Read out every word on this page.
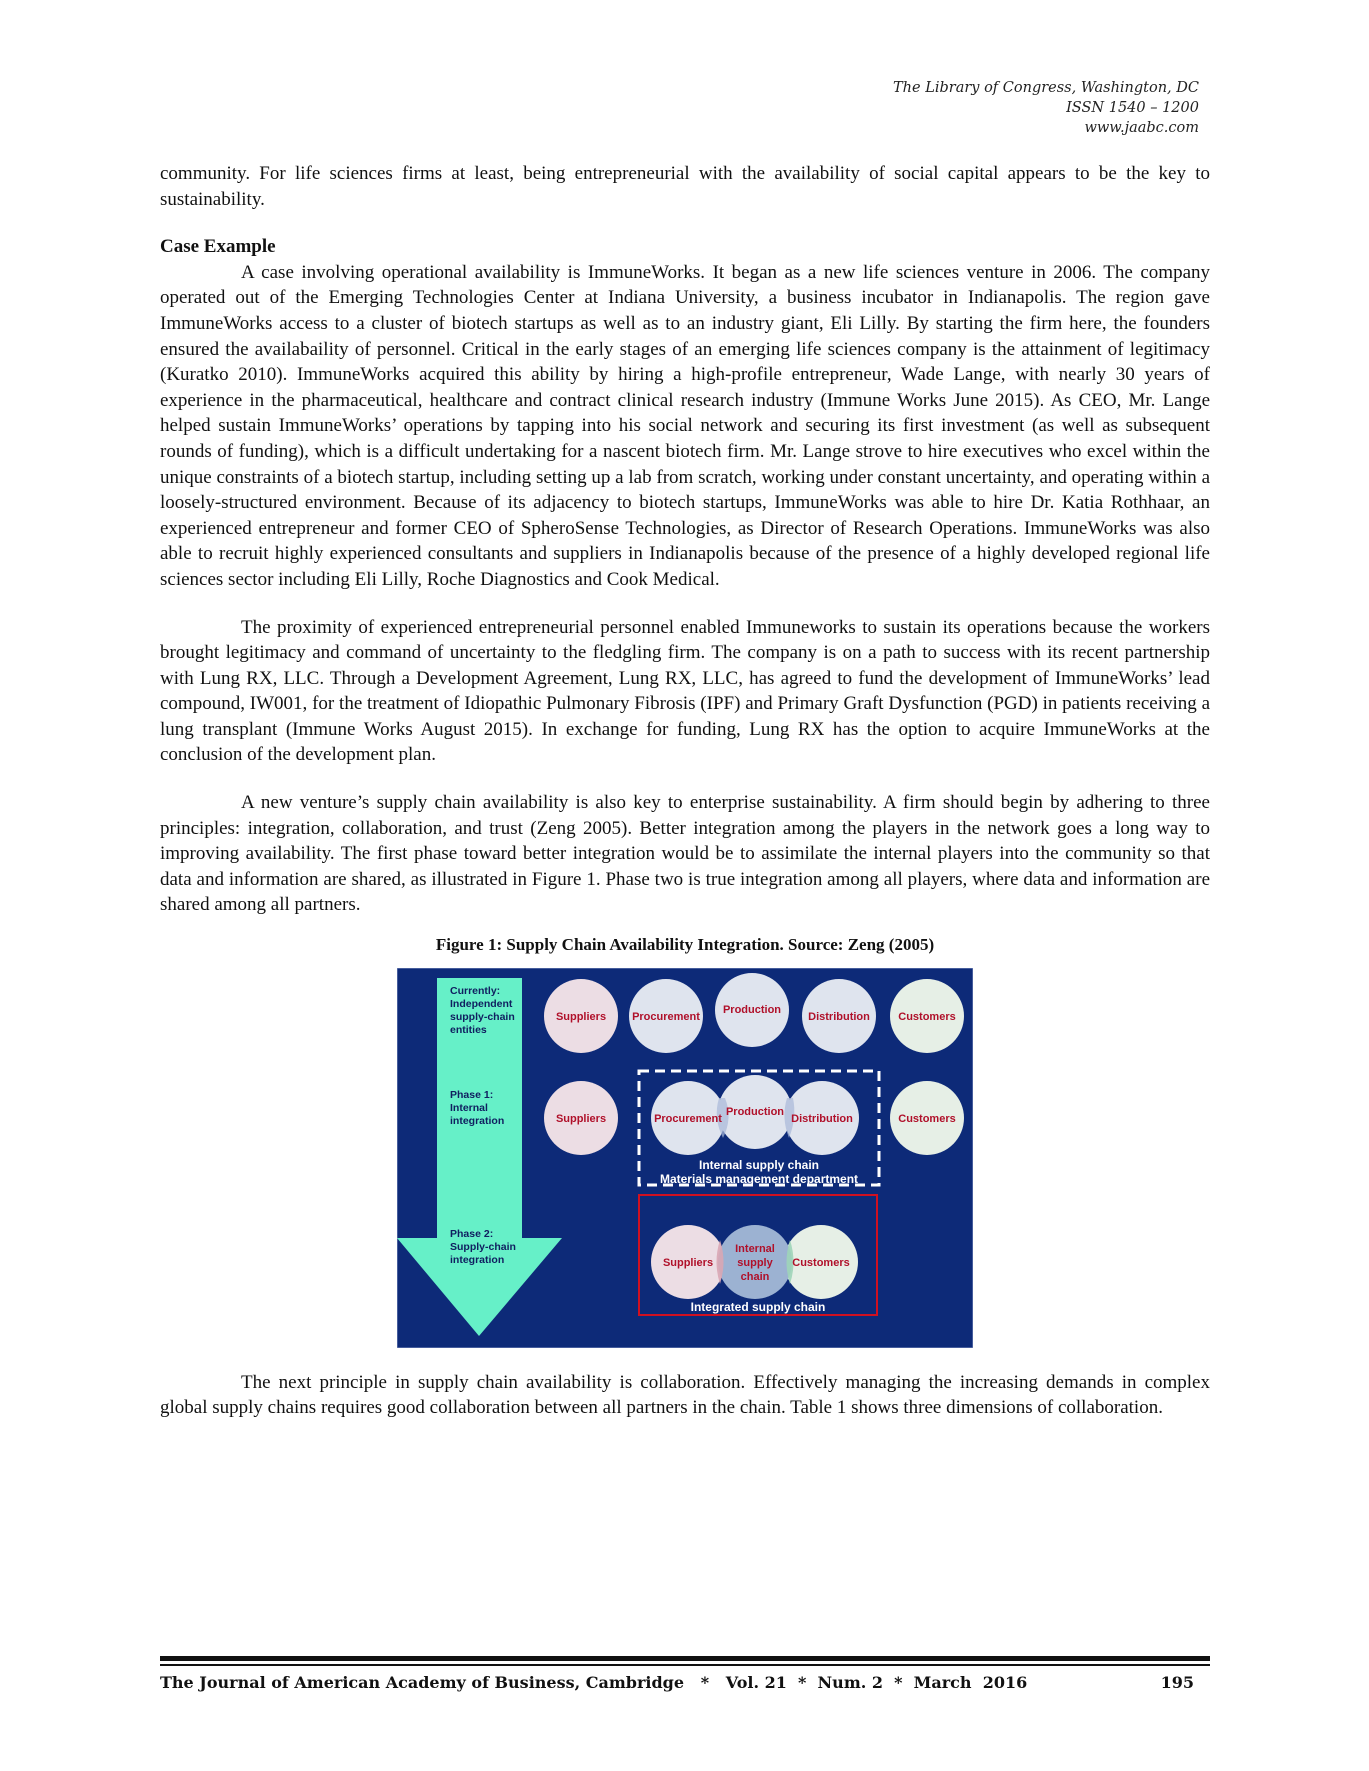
The Library of Congress, Washington, DC
ISSN 1540 – 1200
www.jaabc.com

community. For life sciences firms at least, being entrepreneurial with the availability of social capital appears to be the key to sustainability.

Case Example

A case involving operational availability is ImmuneWorks. It began as a new life sciences venture in 2006. The company operated out of the Emerging Technologies Center at Indiana University, a business incubator in Indianapolis. The region gave ImmuneWorks access to a cluster of biotech startups as well as to an industry giant, Eli Lilly. By starting the firm here, the founders ensured the availabaility of personnel. Critical in the early stages of an emerging life sciences company is the attainment of legitimacy (Kuratko 2010). ImmuneWorks acquired this ability by hiring a high-profile entrepreneur, Wade Lange, with nearly 30 years of experience in the pharmaceutical, healthcare and contract clinical research industry (Immune Works June 2015). As CEO, Mr. Lange helped sustain ImmuneWorks’ operations by tapping into his social network and securing its first investment (as well as subsequent rounds of funding), which is a difficult undertaking for a nascent biotech firm. Mr. Lange strove to hire executives who excel within the unique constraints of a biotech startup, including setting up a lab from scratch, working under constant uncertainty, and operating within a loosely-structured environment. Because of its adjacency to biotech startups, ImmuneWorks was able to hire Dr. Katia Rothhaar, an experienced entrepreneur and former CEO of SpheroSense Technologies, as Director of Research Operations. ImmuneWorks was also able to recruit highly experienced consultants and suppliers in Indianapolis because of the presence of a highly developed regional life sciences sector including Eli Lilly, Roche Diagnostics and Cook Medical.

The proximity of experienced entrepreneurial personnel enabled Immuneworks to sustain its operations because the workers brought legitimacy and command of uncertainty to the fledgling firm. The company is on a path to success with its recent partnership with Lung RX, LLC. Through a Development Agreement, Lung RX, LLC, has agreed to fund the development of ImmuneWorks’ lead compound, IW001, for the treatment of Idiopathic Pulmonary Fibrosis (IPF) and Primary Graft Dysfunction (PGD) in patients receiving a lung transplant (Immune Works August 2015). In exchange for funding, Lung RX has the option to acquire ImmuneWorks at the conclusion of the development plan.

A new venture’s supply chain availability is also key to enterprise sustainability. A firm should begin by adhering to three principles: integration, collaboration, and trust (Zeng 2005). Better integration among the players in the network goes a long way to improving availability. The first phase toward better integration would be to assimilate the internal players into the community so that data and information are shared, as illustrated in Figure 1. Phase two is true integration among all players, where data and information are shared among all partners.

Figure 1: Supply Chain Availability Integration. Source: Zeng (2005)
Currently: Independent supply-chain entities
Phase 1: Internal integration
Phase 2: Supply-chain integration
Suppliers Procurement
Production
Distribution	Customers
Suppliers	Procurement
Production
Distribution	Customers
Internal supply chain
Materials management department
Suppliers
Internal
supply
chain
Customers
Integrated supply chain

The next principle in supply chain availability is collaboration. Effectively managing the increasing demands in complex global supply chains requires good collaboration between all partners in the chain. Table 1 shows three dimensions of collaboration.

The Journal of American Academy of Business, Cambridge   *   Vol. 21  *  Num. 2  *  March  2016	195
